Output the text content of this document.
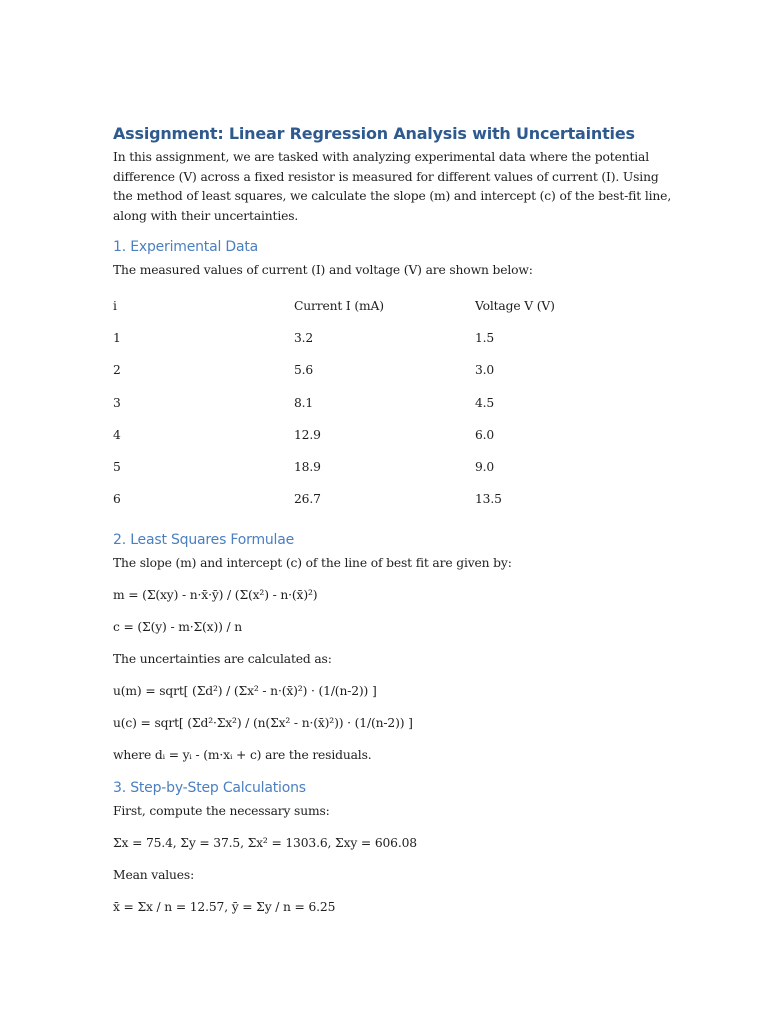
Assignment: Linear Regression Analysis with Uncertainties

In this assignment, we are tasked with analyzing experimental data where the potential

difference (V) across a fixed resistor is measured for different values of current (I). Using

the method of least squares, we calculate the slope (m) and intercept (c) of the best-fit line,

along with their uncertainties.

1. Experimental Data

The measured values of current (I) and voltage (V) are shown below:

i	Current I (mA)	Voltage V (V)
1	3.2	1.5
2	5.6	3.0
3	8.1	4.5
4	12.9	6.0
5	18.9	9.0
6	26.7	13.5
2. Least Squares Formulae

The slope (m) and intercept (c) of the line of best fit are given by:

m = (Σ(xy) - n·x̄·ȳ) / (Σ(x²) - n·(x̄)²)

c = (Σ(y) - m·Σ(x)) / n

The uncertainties are calculated as:

u(m) = sqrt[ (Σd²) / (Σx² - n·(x̄)²) · (1/(n-2)) ]

u(c) = sqrt[ (Σd²·Σx²) / (n(Σx² - n·(x̄)²)) · (1/(n-2)) ]

where dᵢ = yᵢ - (m·xᵢ + c) are the residuals.

3. Step-by-Step Calculations

First, compute the necessary sums:

Σx = 75.4, Σy = 37.5, Σx² = 1303.6, Σxy = 606.08

Mean values:

x̄ = Σx / n = 12.57, ȳ = Σy / n = 6.25
